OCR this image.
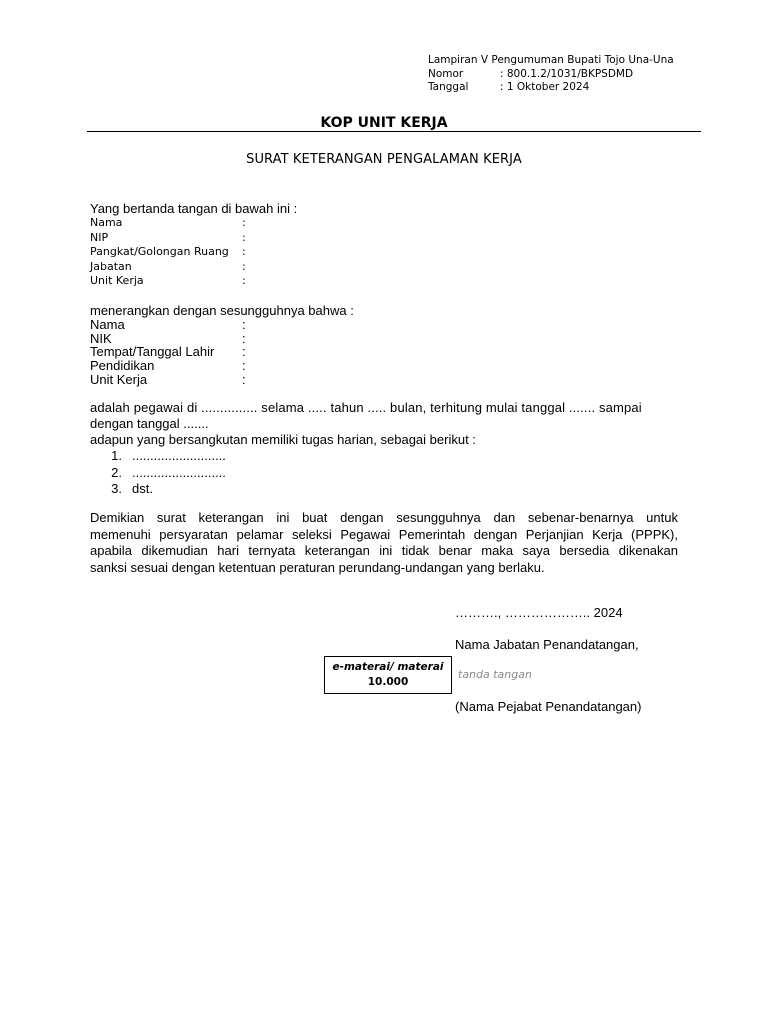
Lampiran V Pengumuman Bupati Tojo Una-Una
Nomor	: 800.1.2/1031/BKPSDMD
Tanggal	: 1 Oktober 2024
KOP UNIT KERJA
SURAT KETERANGAN PENGALAMAN KERJA
Yang bertanda tangan di bawah ini :
Nama	:
NIP	:
Pangkat/Golongan Ruang	:
Jabatan	:
Unit Kerja	:
menerangkan dengan sesungguhnya bahwa :
Nama	:
NIK	:
Tempat/Tanggal Lahir	:
Pendidikan	:
Unit Kerja	:
adalah pegawai di ............... selama ..... tahun ..... bulan, terhitung mulai tanggal ....... sampai
dengan tanggal .......
adapun yang bersangkutan memiliki tugas harian, sebagai berikut :
1. ..........................
2. ..........................
3. dst.
Demikian surat keterangan ini buat dengan sesungguhnya dan sebenar-benarnya untuk
memenuhi persyaratan pelamar seleksi Pegawai Pemerintah dengan Perjanjian Kerja (PPPK),
apabila dikemudian hari ternyata keterangan ini tidak benar maka saya bersedia dikenakan
sanksi sesuai dengan ketentuan peraturan perundang-undangan yang berlaku.
………., ……………….. 2024
Nama Jabatan Penandatangan,
e-materai/ materai
10.000
tanda tangan
(Nama Pejabat Penandatangan)
